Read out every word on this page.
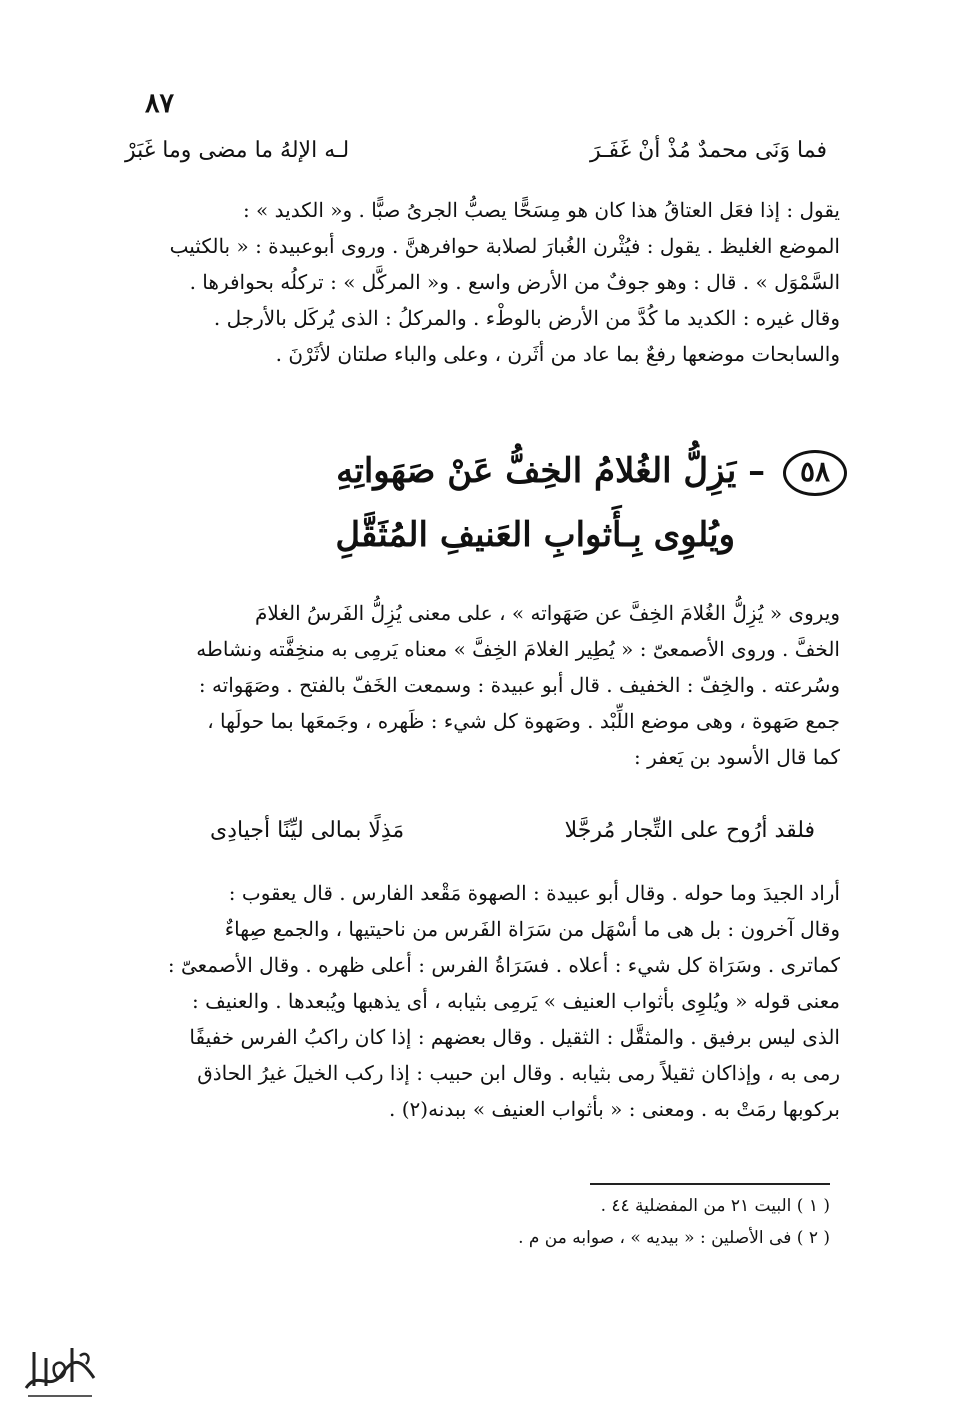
٨٧
فما وَنَى محمدٌ مُذْ أنْ غَفَـرَ
لـه الإلهُ ما مضى وما غَبَرْ
يقول : إذا فعَل العتاقُ هذا كان هو مِسَحًّا يصبُّ الجرىُ صبًّا . و« الكديد » :
الموضع الغليظ . يقول : فيُثْرن الغُبارَ لصلابة حوافرهنَّ . وروى أبوعبيدة : « بالكثيب
السَّمْوَل » . قال : وهو جوفٌ من الأرض واسع . و« المركَّل » : تركلُه بحوافرها .
وقال غيره : الكديد ما كُدَّ من الأرض بالوطْء . والمركلُ : الذى يُركَل بالأرجل .
والسابحات موضعها رفعٌ بما عاد من أثَرن ، وعلى والباء صلتان لأثَرْنَ .
٥٨ – يَزِلُّ الغُلامُ الخِفُّ عَنْ صَهَواتِهِ
ويُلوِى بِـأَثوابِ العَنيفِ المُثَقَّلِ
ويروى « يُزِلُّ الغُلامَ الخِفَّ عن صَهَواته » ، على معنى يُزِلُّ الفَرسُ الغلامَ
الخفَّ . وروى الأصمعىّ : « يُطِير الغلامَ الخِفَّ » معناه يَرمِى به منخِفَّته ونشاطه
وسُرعته . والخِفّ : الخفيف . قال أبو عبيدة : وسمعت الخَفّ بالفتح . وصَهَواته :
جمع صَهوة ، وهى موضع اللِّبْد . وصَهوة كل شيء : ظَهره ، وجَمعَها بما حولَها ،
كما قال الأسود بن يَعفر :
فلقد أرُوح على التِّجار مُرجَّلا
مَذِلًا بمالى ليِّنًا أجيادِى
أراد الجيدَ وما حوله . وقال أبو عبيدة : الصهوة مَقْعد الفارس . قال يعقوب :
وقال آخرون : بل هى ما أسْهَل من سَرَاة الفَرس من ناحيتيها ، والجمع صِهاءٌ
كماترى . وسَرَاة كل شيء : أعلاه . فسَرَاةُ الفرس : أعلى ظهره . وقال الأصمعىّ :
معنى قوله « ويُلوِى بأثواب العنيف » يَرمِى بثيابه ، أى يذهبها ويُبعدها . والعنيف :
الذى ليس برفيق . والمثقَّل : الثقيل . وقال بعضهم : إذا كان راكبُ الفرس خفيفًا
رمى به ، وإذاكان ثقيلاً رمى بثيابه . وقال ابن حبيب : إذا ركب الخيلَ غيرُ الحاذق
بركوبها رمَتْ به . ومعنى : « بأثواب العنيف » ببدنه(٢) .
( ١ ) البيت ٢١ من المفضلية ٤٤ .
( ٢ ) فى الأصلين : « بيديه » ، صوابه من م .
